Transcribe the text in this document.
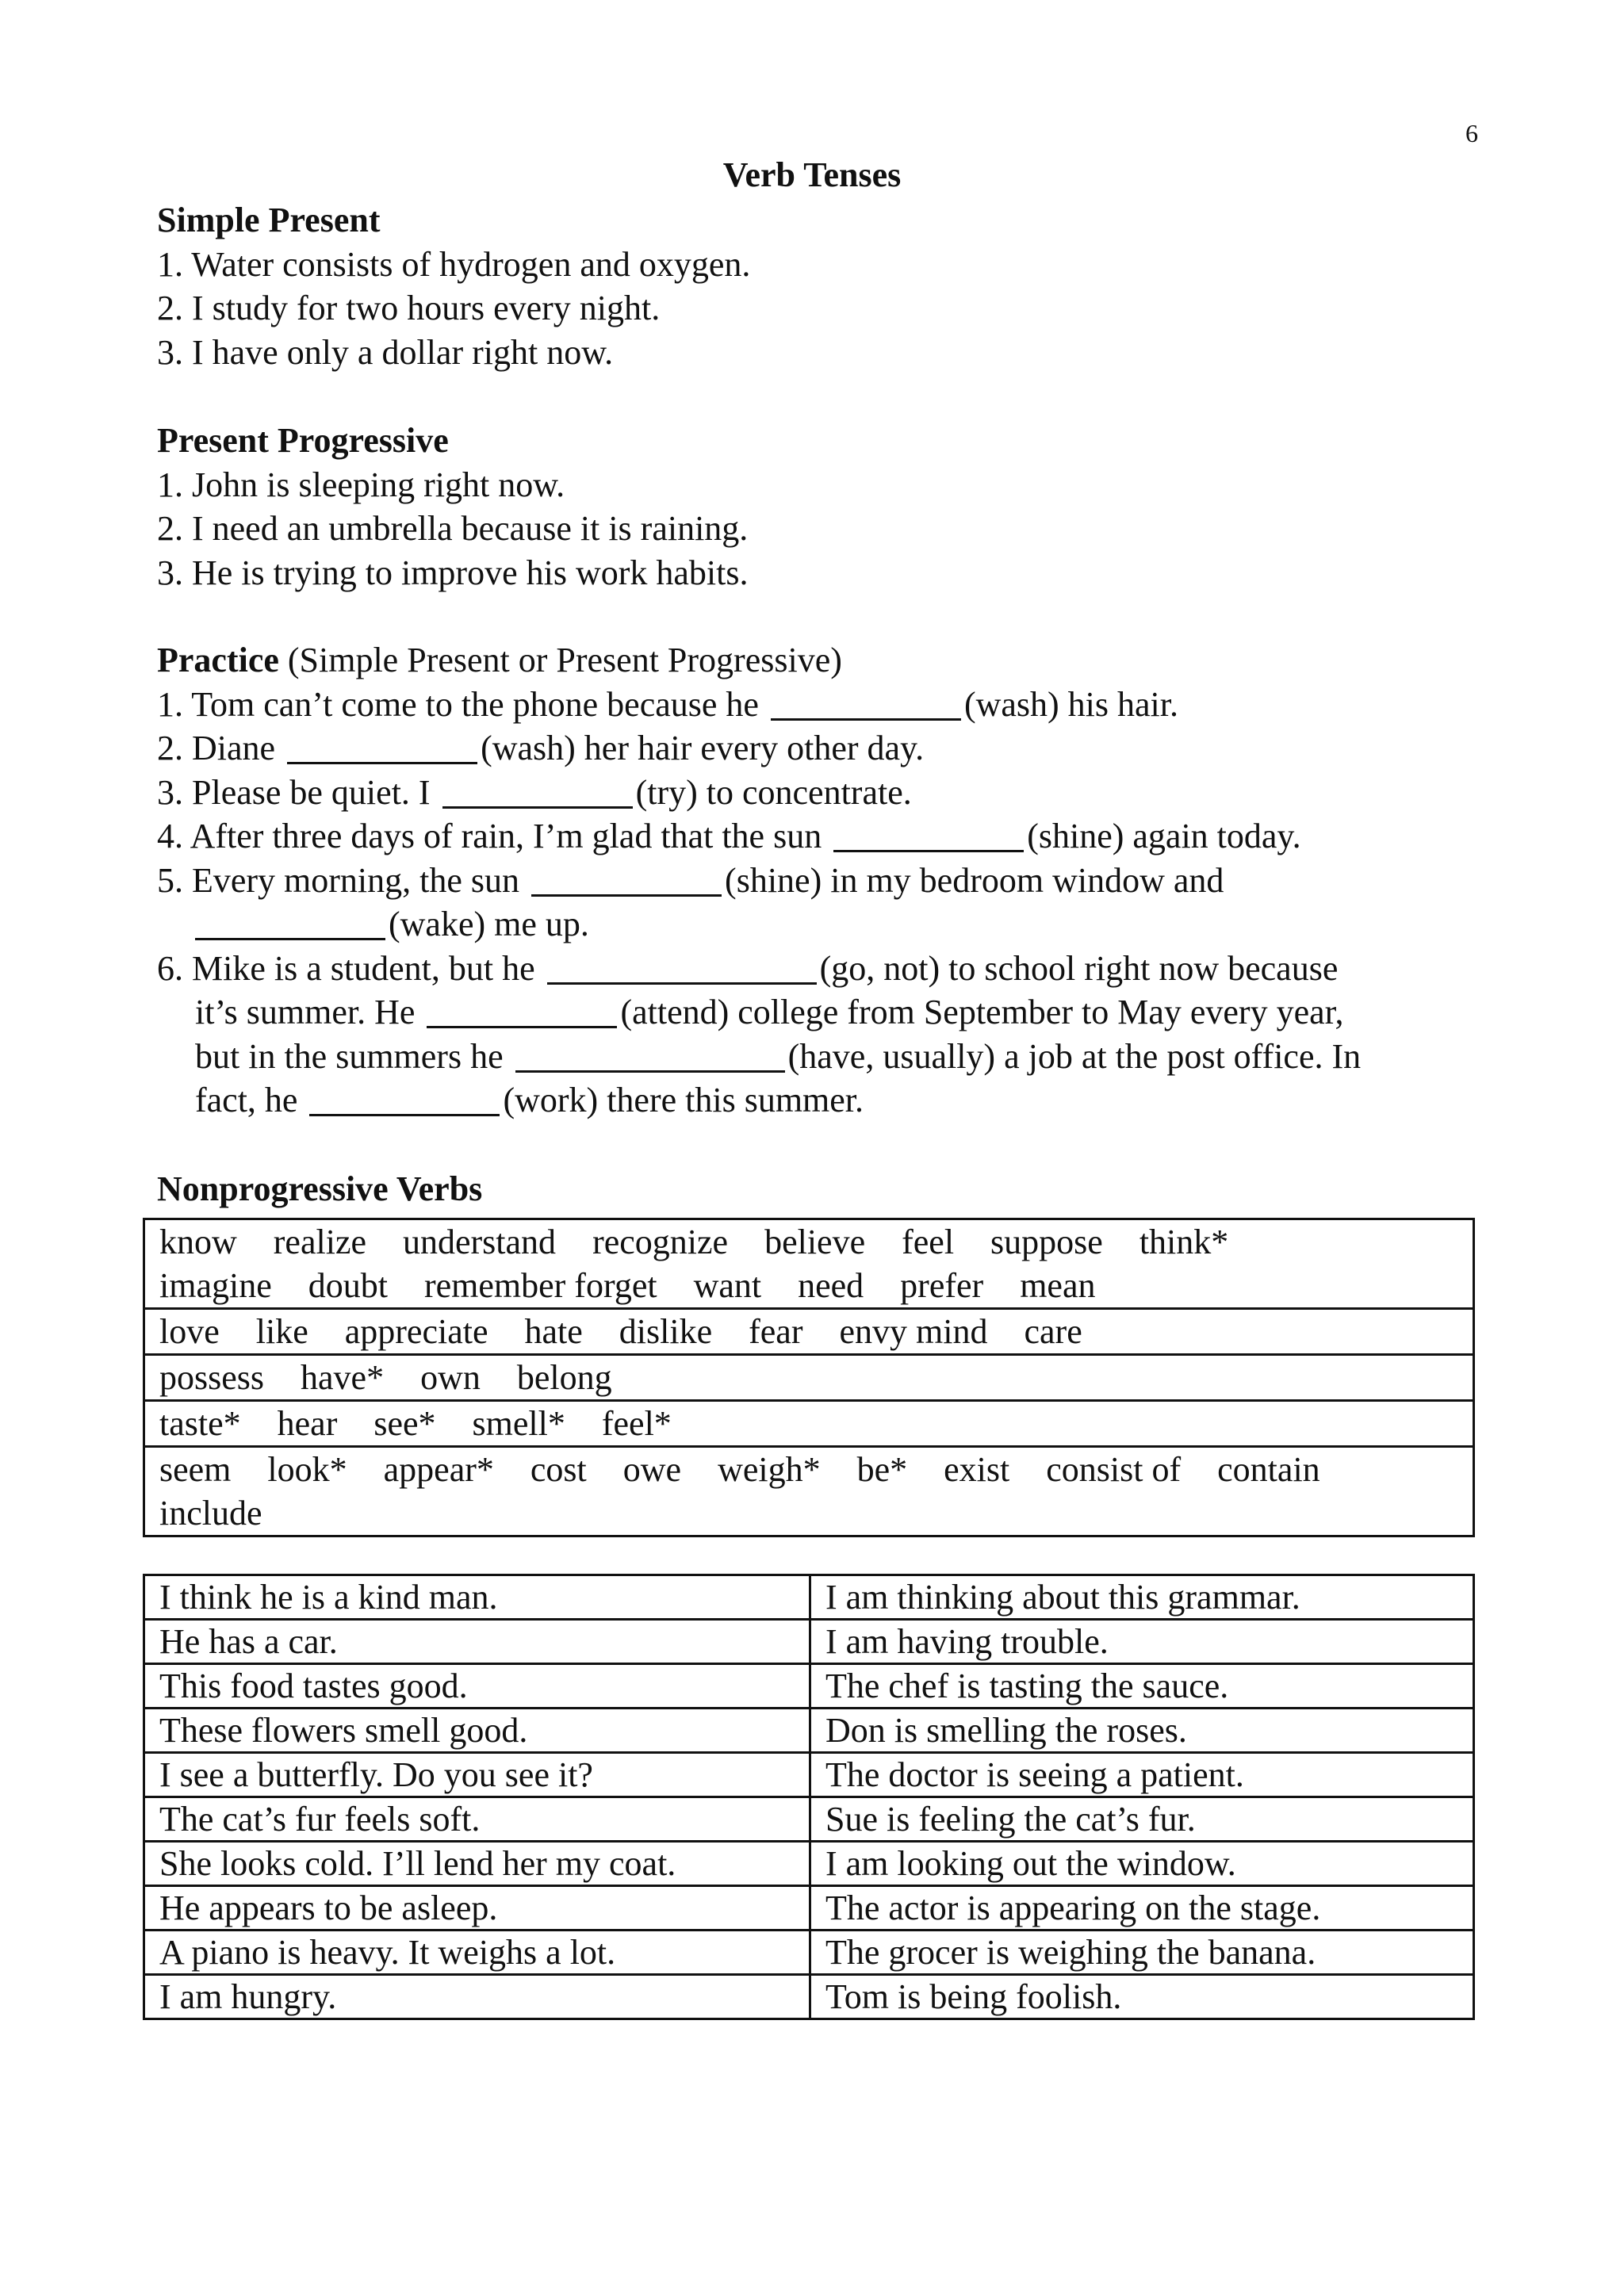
6
Verb Tenses
Simple Present
1. Water consists of hydrogen and oxygen.
2. I study for two hours every night.
3. I have only a dollar right now.
Present Progressive
1. John is sleeping right now.
2. I need an umbrella because it is raining.
3. He is trying to improve his work habits.
Practice (Simple Present or Present Progressive)
1. Tom can’t come to the phone because he	(wash) his hair.
2. Diane	(wash) her hair every other day.
3. Please be quiet. I	(try) to concentrate.
4. After three days of rain, I’m glad that the sun	(shine) again today.
5. Every morning, the sun	(shine) in my bedroom window and
(wake) me up.
6. Mike is a student, but he	(go, not) to school right now because
it’s summer. He	(attend) college from September to May every year,
but in the summers he	(have, usually) a job at the post office. In
fact, he	(work) there this summer.
Nonprogressive Verbs
know realize understand recognize believe feel suppose think*
imagine doubt remember forget want need prefer mean

love like appreciate hate dislike fear envy mind care
possess have* own belong
taste* hear see* smell* feel*

seem look* appear* cost owe weigh* be* exist consist of contain
include
I think he is a kind man.	I am thinking about this grammar.
He has a car.	I am having trouble.
This food tastes good.	The chef is tasting the sauce.
These flowers smell good.	Don is smelling the roses.
I see a butterfly. Do you see it?	The doctor is seeing a patient.
The cat’s fur feels soft.	Sue is feeling the cat’s fur.
She looks cold. I’ll lend her my coat.	I am looking out the window.
He appears to be asleep.	The actor is appearing on the stage.
A piano is heavy. It weighs a lot.	The grocer is weighing the banana.
I am hungry.	Tom is being foolish.
